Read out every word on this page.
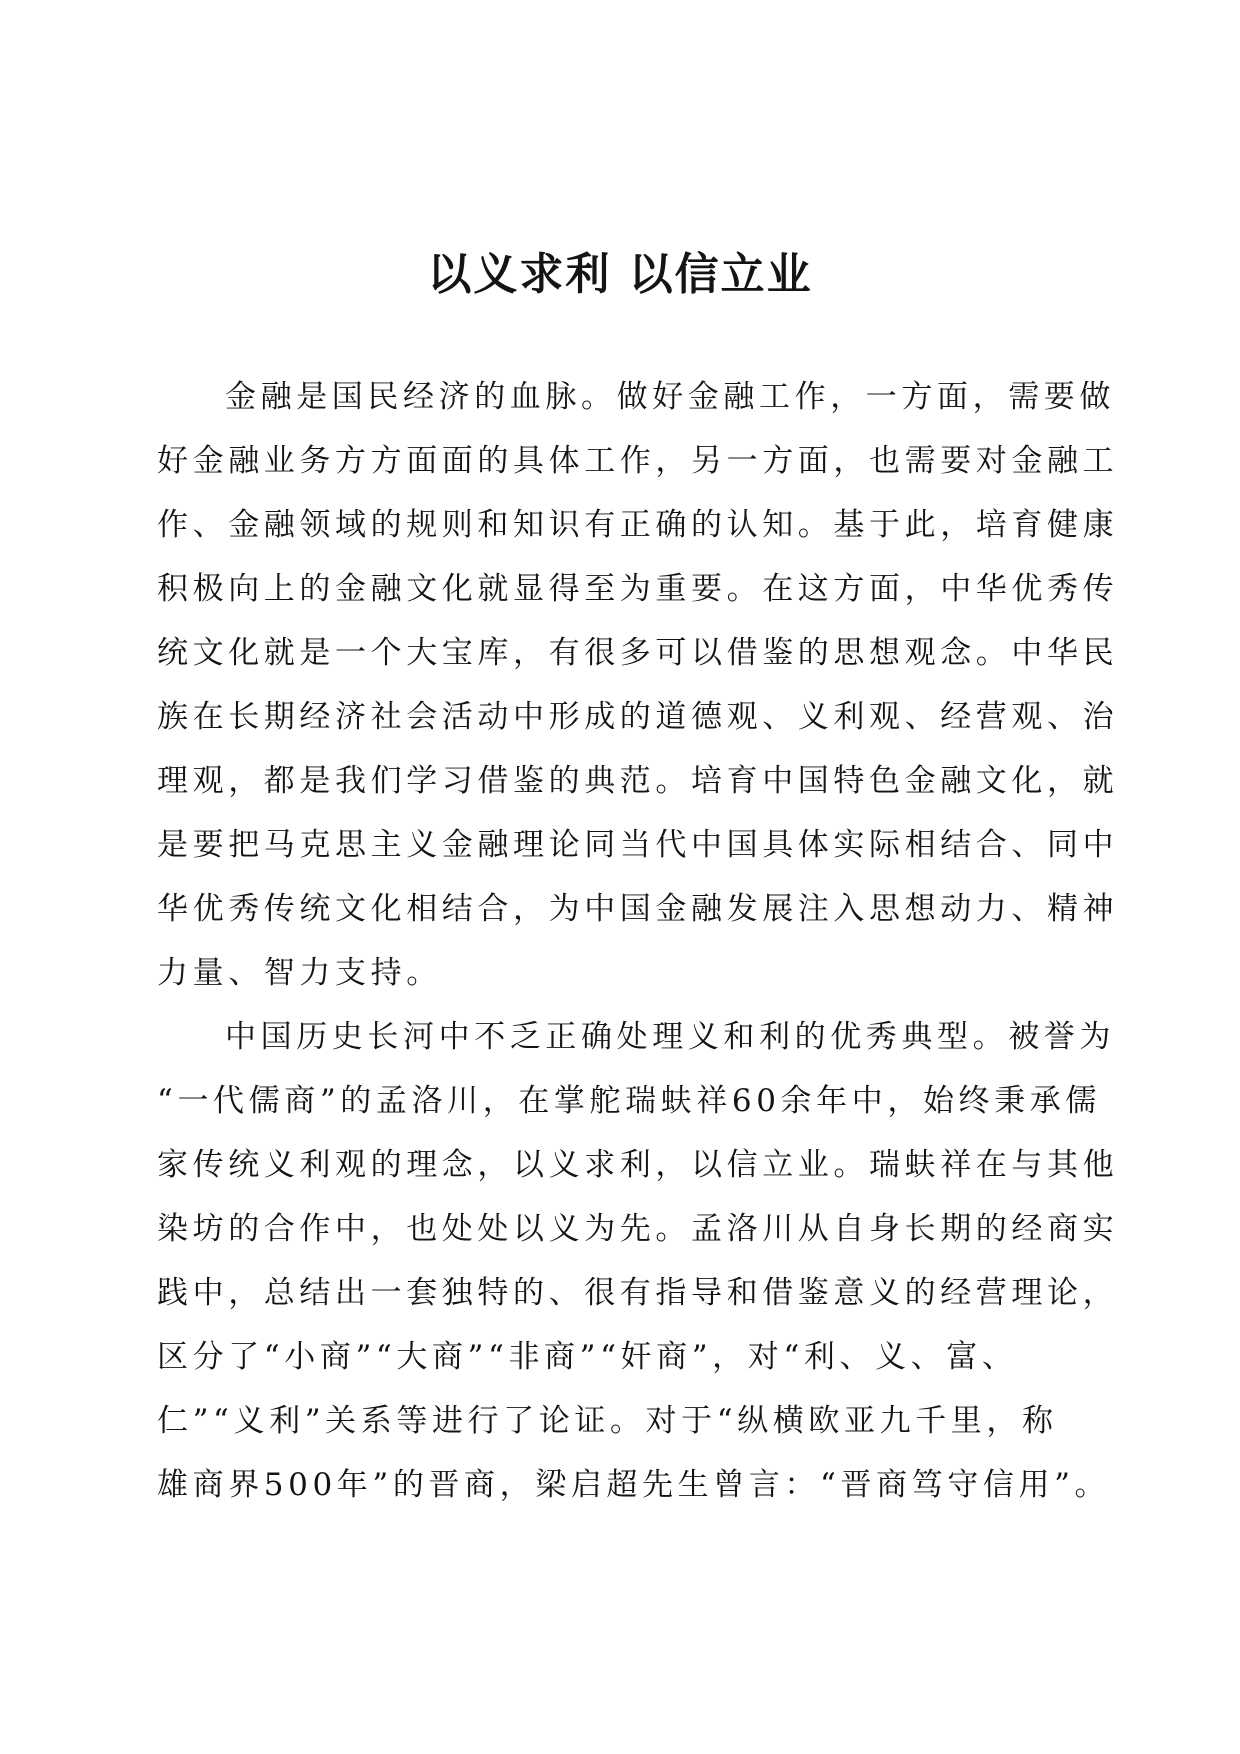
以义求利 以信立业
金融是国民经济的血脉。做好金融工作，一方面，需要做
好金融业务方方面面的具体工作，另一方面，也需要对金融工
作、金融领域的规则和知识有正确的认知。基于此，培育健康
积极向上的金融文化就显得至为重要。在这方面，中华优秀传
统文化就是一个大宝库，有很多可以借鉴的思想观念。中华民
族在长期经济社会活动中形成的道德观、义利观、经营观、治
理观，都是我们学习借鉴的典范。培育中国特色金融文化，就
是要把马克思主义金融理论同当代中国具体实际相结合、同中
华优秀传统文化相结合，为中国金融发展注入思想动力、精神
力量、智力支持。
中国历史长河中不乏正确处理义和利的优秀典型。被誉为
“一代儒商”的孟洛川，在掌舵瑞蚨祥60余年中，始终秉承儒
家传统义利观的理念，以义求利，以信立业。瑞蚨祥在与其他
染坊的合作中，也处处以义为先。孟洛川从自身长期的经商实
践中，总结出一套独特的、很有指导和借鉴意义的经营理论，
区分了“小商”“大商”“非商”“奸商”，对“利、义、富、
仁”“义利”关系等进行了论证。对于“纵横欧亚九千里，称
雄商界500年”的晋商，梁启超先生曾言：“晋商笃守信用”。
